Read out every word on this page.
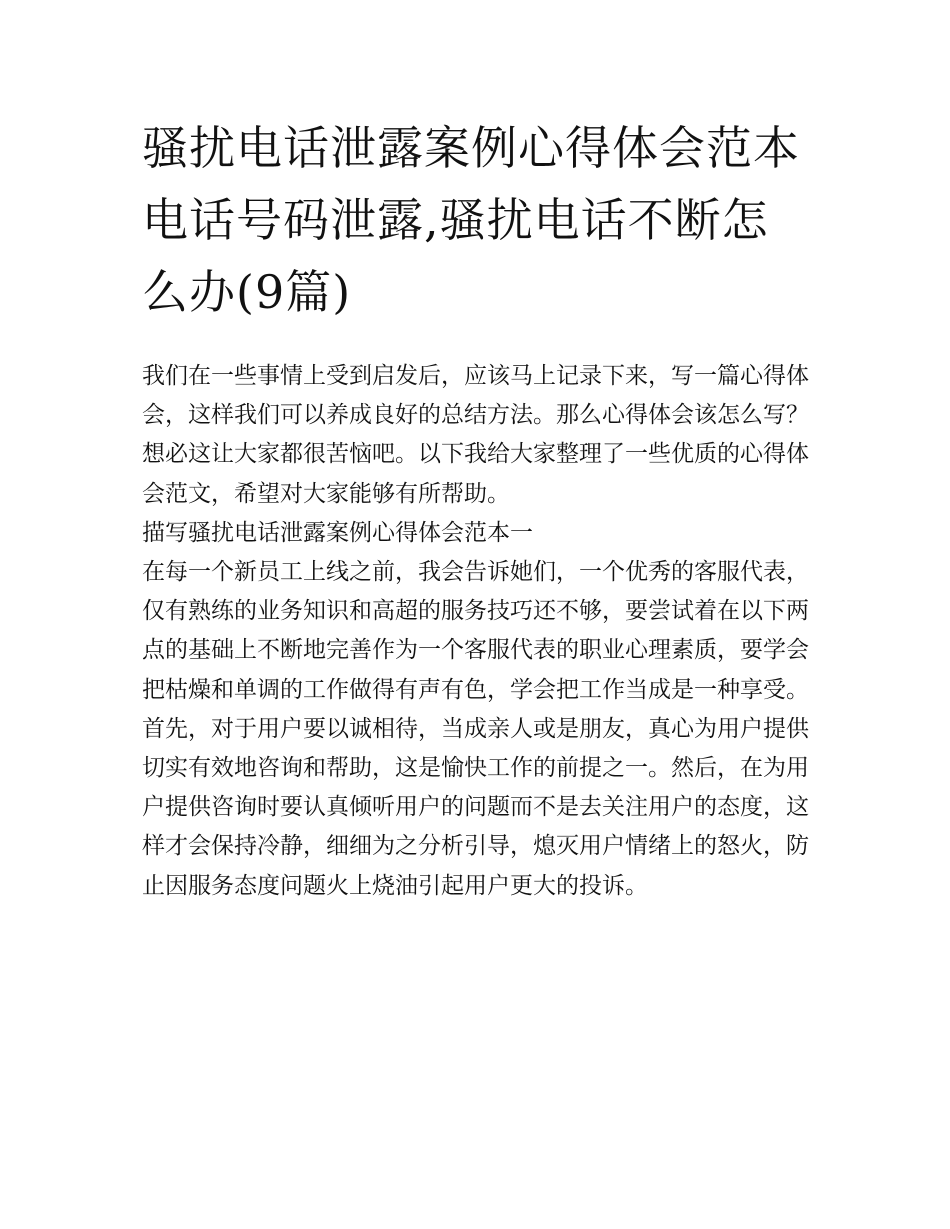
骚扰电话泄露案例心得体会范本 电话号码泄露,骚扰电话不断怎么办(9篇)

我们在一些事情上受到启发后，应该马上记录下来，写一篇心得体会，这样我们可以养成良好的总结方法。那么心得体会该怎么写？想必这让大家都很苦恼吧。以下我给大家整理了一些优质的心得体会范文，希望对大家能够有所帮助。

描写骚扰电话泄露案例心得体会范本一

在每一个新员工上线之前，我会告诉她们，一个优秀的客服代表，仅有熟练的业务知识和高超的服务技巧还不够，要尝试着在以下两点的基础上不断地完善作为一个客服代表的职业心理素质，要学会把枯燥和单调的工作做得有声有色，学会把工作当成是一种享受。首先，对于用户要以诚相待，当成亲人或是朋友，真心为用户提供切实有效地咨询和帮助，这是愉快工作的前提之一。然后，在为用户提供咨询时要认真倾听用户的问题而不是去关注用户的态度，这样才会保持冷静，细细为之分析引导，熄灭用户情绪上的怒火，防止因服务态度问题火上烧油引起用户更大的投诉。
